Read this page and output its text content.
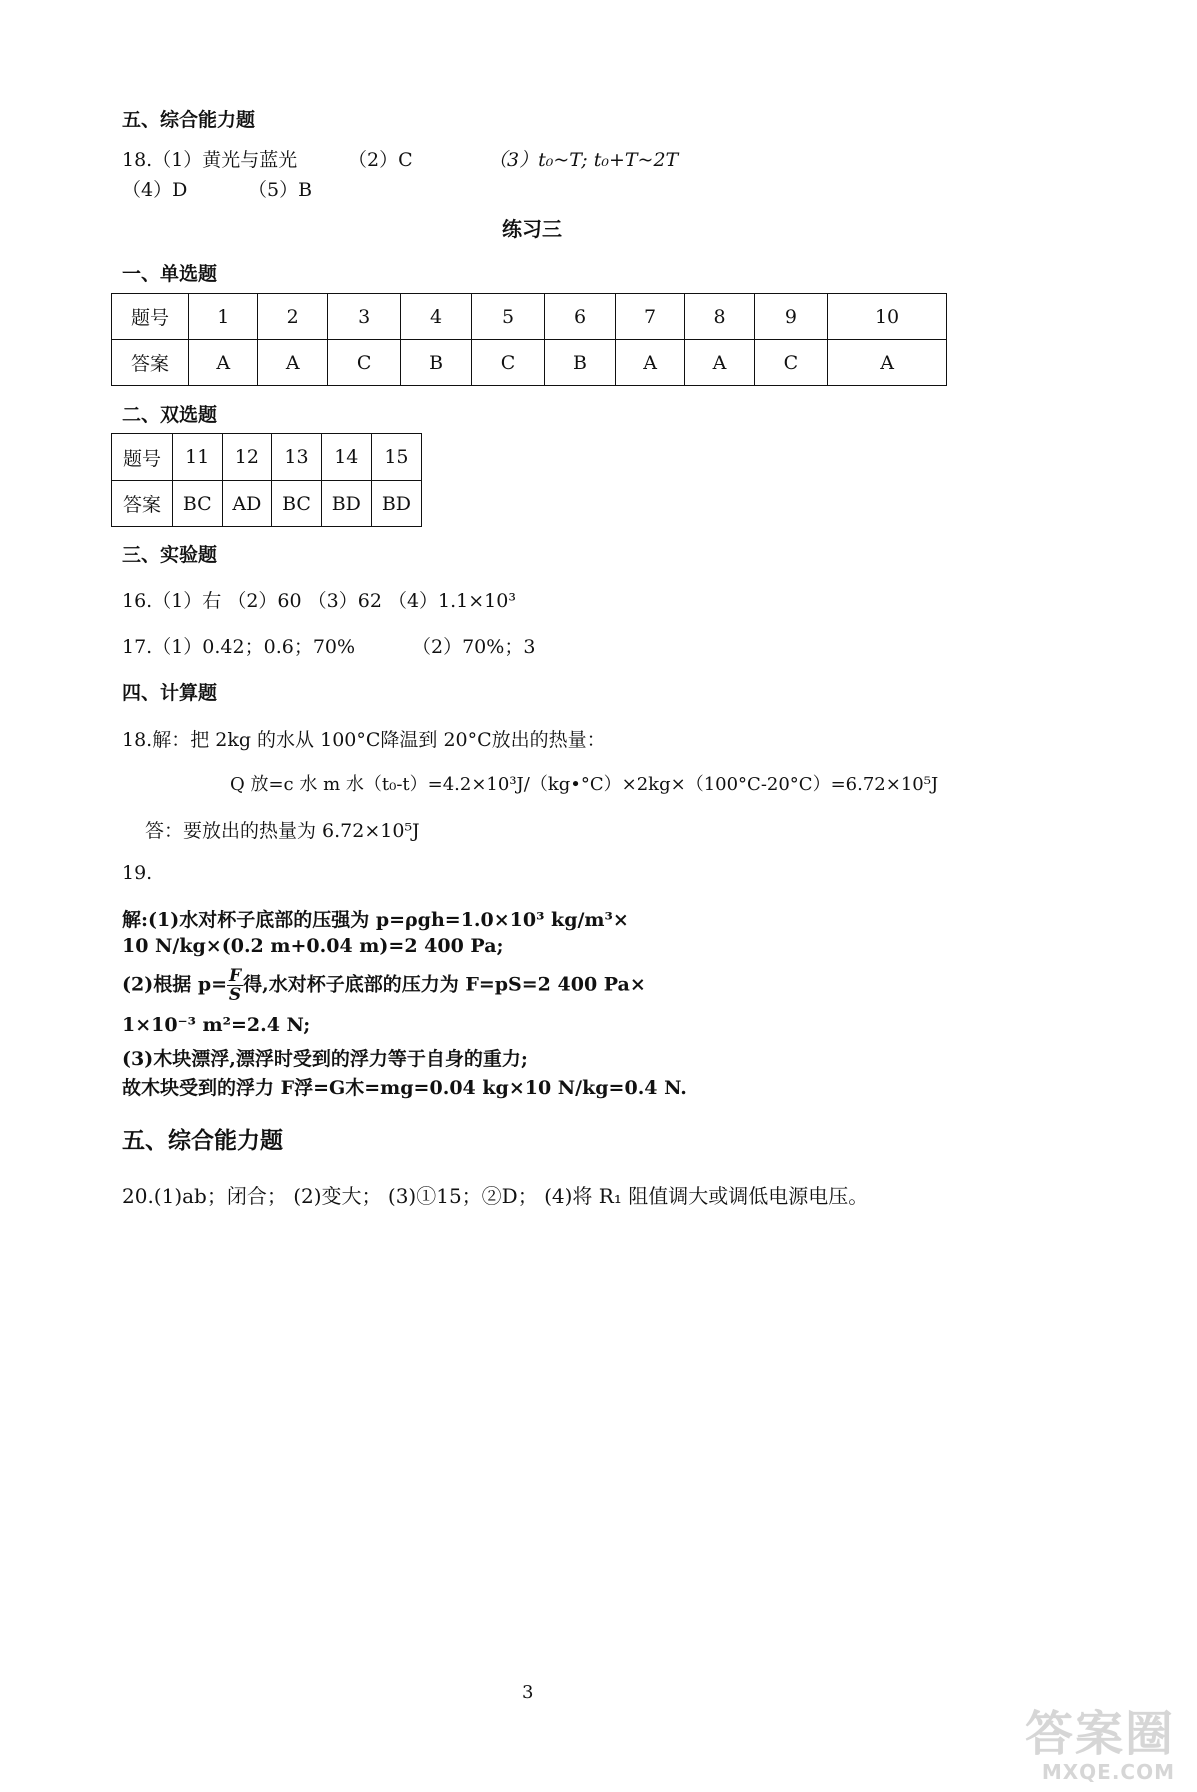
五、综合能力题
18.（1）黄光与蓝光	（2）C	（3）t₀~T; t₀+T~2T
（4）D	（5）B
练习三
一、单选题
题号	1	2	3	4	5	6	7	8	9	10
答案	A	A	C	B	C	B	A	A	C	A
二、双选题
题号	11	12	13	14	15
答案	BC	AD	BC	BD	BD
三、实验题
16.（1）右 （2）60 （3）62 （4）1.1×10³
17.（1）0.42；0.6；70%	（2）70%；3
四、计算题
18.解：把 2kg 的水从 100°C降温到 20°C放出的热量：
Q 放=c 水 m 水（t₀-t）=4.2×10³J/（kg•°C）×2kg×（100°C-20°C）=6.72×10⁵J
答：要放出的热量为 6.72×10⁵J
19.
解:(1)水对杯子底部的压强为 p=ρgh=1.0×10³ kg/m³×
10 N/kg×(0.2 m+0.04 m)=2 400 Pa;
(2)根据 $p= \frac{F}{S}$ 得,水对杯子底部的压力为 F=pS=2 400 Pa×
1×10⁻³ m²=2.4 N;
(3)木块漂浮,漂浮时受到的浮力等于自身的重力;
故木块受到的浮力 F浮=G木=mg=0.04 kg×10 N/kg=0.4 N.
五、综合能力题
20.(1)ab；闭合； (2)变大； (3)①15；②D； (4)将 R₁ 阻值调大或调低电源电压。
3
答案圈
MXQE.COM
